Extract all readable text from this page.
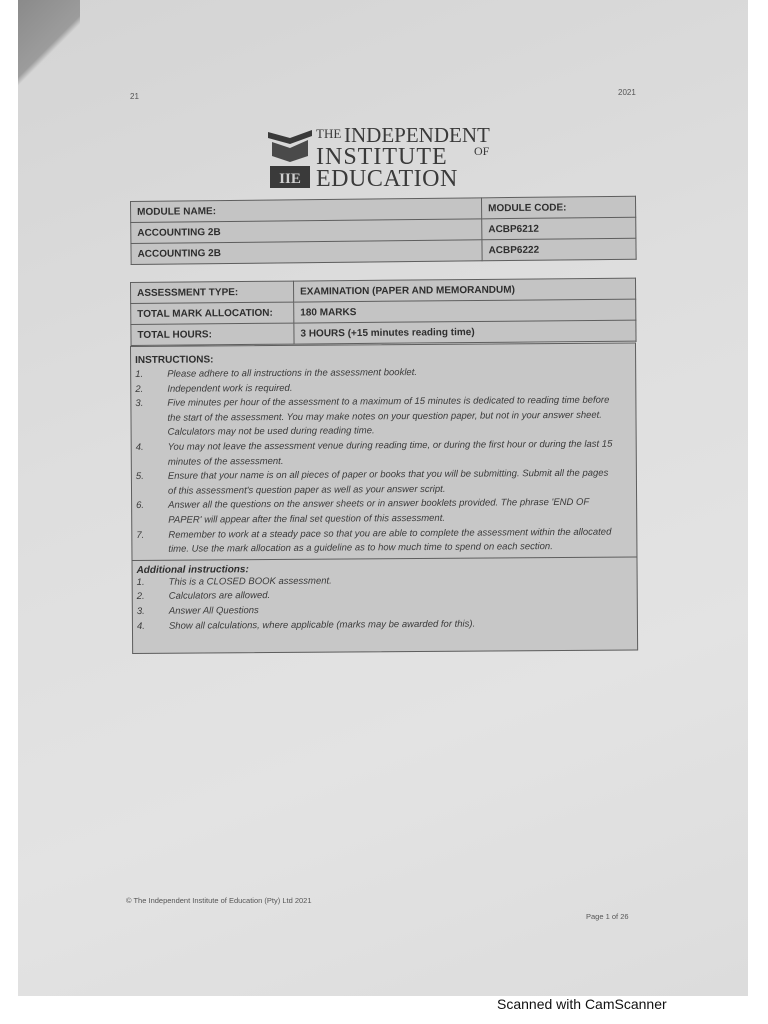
21	2021
IIE
THE INDEPENDENT
INSTITUTE OF
EDUCATION
MODULE NAME:	MODULE CODE:
ACCOUNTING 2B	ACBP6212
ACCOUNTING 2B	ACBP6222
ASSESSMENT TYPE:	EXAMINATION (PAPER AND MEMORANDUM)
TOTAL MARK ALLOCATION:	180 MARKS
TOTAL HOURS:	3 HOURS (+15 minutes reading time)
INSTRUCTIONS:
1.	Please adhere to all instructions in the assessment booklet.
2.	Independent work is required.
3.	Five minutes per hour of the assessment to a maximum of 15 minutes is dedicated to reading time before the start of the assessment. You may make notes on your question paper, but not in your answer sheet. Calculators may not be used during reading time.
4.	You may not leave the assessment venue during reading time, or during the first hour or during the last 15 minutes of the assessment.
5.	Ensure that your name is on all pieces of paper or books that you will be submitting. Submit all the pages of this assessment's question paper as well as your answer script.
6.	Answer all the questions on the answer sheets or in answer booklets provided. The phrase 'END OF PAPER' will appear after the final set question of this assessment.
7.	Remember to work at a steady pace so that you are able to complete the assessment within the allocated time. Use the mark allocation as a guideline as to how much time to spend on each section.
Additional instructions:
1.	This is a CLOSED BOOK assessment.
2.	Calculators are allowed.
3.	Answer All Questions
4.	Show all calculations, where applicable (marks may be awarded for this).
© The Independent Institute of Education (Pty) Ltd 2021
Page 1 of 26
Scanned with CamScanner
